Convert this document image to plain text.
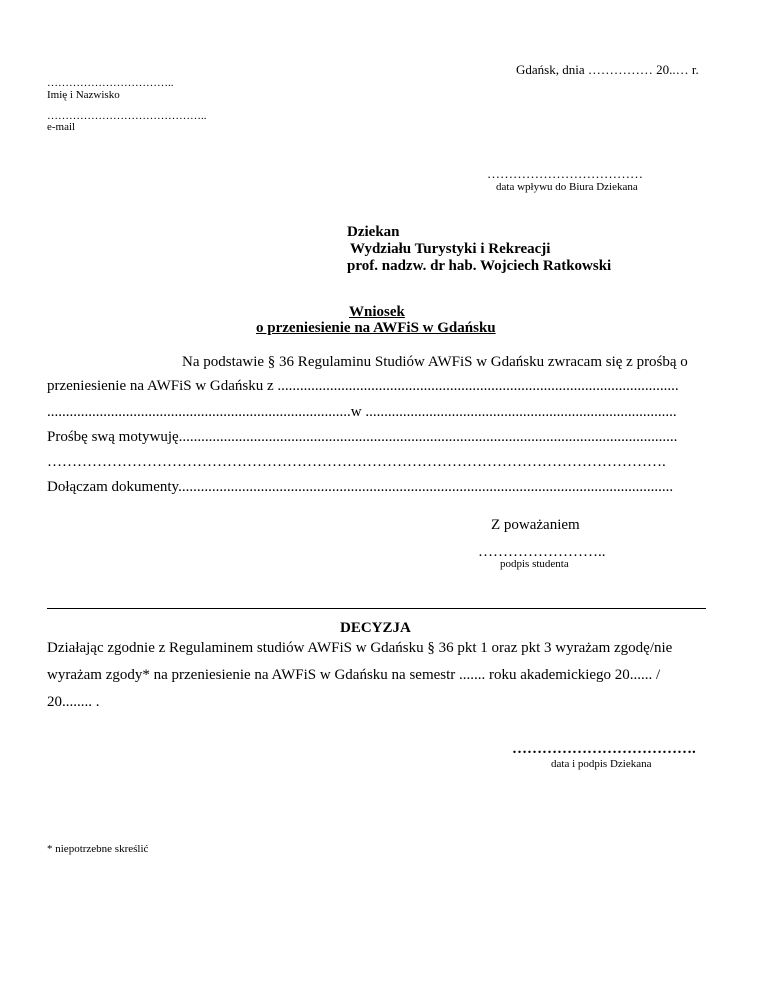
Gdańsk, dnia …………… 20..… r.
……………………………..
Imię i Nazwisko
……………………………………..
e-mail
………………………………
data wpływu do Biura Dziekana
Dziekan
Wydziału Turystyki i Rekreacji
prof. nadzw. dr hab. Wojciech Ratkowski
Wniosek
o przeniesienie na AWFiS w Gdańsku
Na podstawie § 36 Regulaminu Studiów AWFiS w Gdańsku zwracam się z prośbą o
przeniesienie na AWFiS w Gdańsku z ...........................................................................................................
.................................................................................w ...................................................................................
Prośbę swą motywuję.....................................................................................................................................
…………………………………………………………………………………………………………….
Dołączam dokumenty....................................................................................................................................
Z poważaniem
……………………..
podpis studenta
DECYZJA
Działając zgodnie z Regulaminem studiów AWFiS w Gdańsku § 36 pkt 1 oraz pkt 3 wyrażam zgodę/nie
wyrażam zgody* na przeniesienie na AWFiS w Gdańsku na semestr ....... roku akademickiego 20...... /
20........ .
……………………………….
data i podpis Dziekana
* niepotrzebne skreślić
